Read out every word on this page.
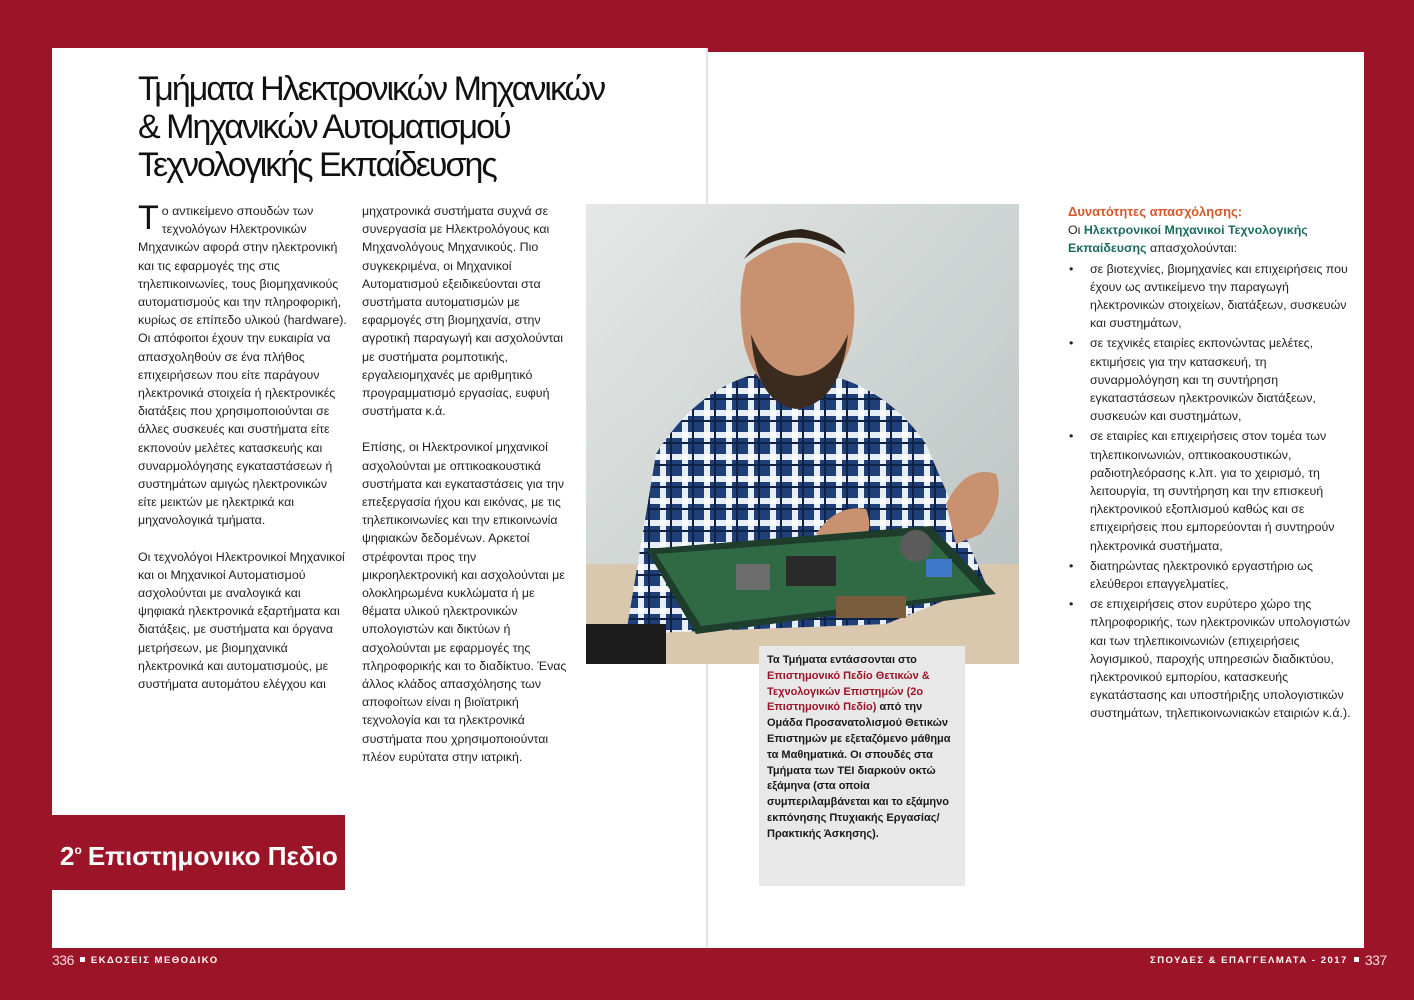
Τμήματα Ηλεκτρονικών Μηχανικών
& Μηχανικών Αυτοματισμού
Τεχνολογικής Εκπαίδευσης

Το αντικείμενο σπουδών των τεχνολόγων Ηλεκτρονικών Μηχανικών αφορά στην ηλεκτρονική και τις εφαρμογές της στις τηλεπικοινωνίες, τους βιομηχανικούς αυτοματισμούς και την πληροφορική, κυρίως σε επίπεδο υλικού (hardware). Οι απόφοιτοι έχουν την ευκαιρία να απασχοληθούν σε ένα πλήθος επιχειρήσεων που είτε παράγουν ηλεκτρονικά στοιχεία ή ηλεκτρονικές διατάξεις που χρησιμοποιούνται σε άλλες συσκευές και συστήματα είτε εκπονούν μελέτες κατασκευής και συναρμολόγησης εγκαταστάσεων ή συστημάτων αμιγώς ηλεκτρονικών είτε μεικτών με ηλεκτρικά και μηχανολογικά τμήματα.

Οι τεχνολόγοι Ηλεκτρονικοί Μηχανικοί και οι Μηχανικοί Αυτοματισμού ασχολούνται με αναλογικά και ψηφιακά ηλεκτρονικά εξαρτήματα και διατάξεις, με συστήματα και όργανα μετρήσεων, με βιομηχανικά ηλεκτρονικά και αυτοματισμούς, με συστήματα αυτομάτου ελέγχου και

μηχατρονικά συστήματα συχνά σε συνεργασία με Ηλεκτρολόγους και Μηχανολόγους Μηχανικούς. Πιο συγκεκριμένα, οι Μηχανικοί Αυτοματισμού εξειδικεύονται στα συστήματα αυτοματισμών με εφαρμογές στη βιομηχανία, στην αγροτική παραγωγή και ασχολούνται με συστήματα ρομποτικής, εργαλειομηχανές με αριθμητικό προγραμματισμό εργασίας, ευφυή συστήματα κ.ά.

Επίσης, οι Ηλεκτρονικοί μηχανικοί ασχολούνται με οπτικοακουστικά συστήματα και εγκαταστάσεις για την επεξεργασία ήχου και εικόνας, με τις τηλεπικοινωνίες και την επικοινωνία ψηφιακών δεδομένων. Αρκετοί στρέφονται προς την μικροηλεκτρονική και ασχολούνται με ολοκληρωμένα κυκλώματα ή με θέματα υλικού ηλεκτρονικών υπολογιστών και δικτύων ή ασχολούνται με εφαρμογές της πληροφορικής και το διαδίκτυο. Ένας άλλος κλάδος απασχόλησης των αποφοίτων είναι η βιοϊατρική τεχνολογία και τα ηλεκτρονικά συστήματα που χρησιμοποιούνται πλέον ευρύτατα στην ιατρική.

Τα Τμήματα εντάσσονται στο Επιστημονικό Πεδίο Θετικών & Τεχνολογικών Επιστημών (2ο Επιστημονικό Πεδίο) από την Ομάδα Προσανατολισμού Θετικών Επιστημών με εξεταζόμενο μάθημα τα Μαθηματικά. Οι σπουδές στα Τμήματα των ΤΕΙ διαρκούν οκτώ εξάμηνα (στα οποία συμπεριλαμβάνεται και το εξάμηνο εκπόνησης Πτυχιακής Εργασίας/Πρακτικής Άσκησης).
$2^o$ Επιστημονικο Πεδιο
Δυνατότητες απασχόλησης:
Οι Ηλεκτρονικοί Μηχανικοί Τεχνολογικής Εκπαίδευσης απασχολούνται:
• σε βιοτεχνίες, βιομηχανίες και επιχειρήσεις που έχουν ως αντικείμενο την παραγωγή ηλεκτρονικών στοιχείων, διατάξεων, συσκευών και συστημάτων,
• σε τεχνικές εταιρίες εκπονώντας μελέτες, εκτιμήσεις για την κατασκευή, τη συναρμολόγηση και τη συντήρηση εγκαταστάσεων ηλεκτρονικών διατάξεων, συσκευών και συστημάτων,
• σε εταιρίες και επιχειρήσεις στον τομέα των τηλεπικοινωνιών, οπτικοακουστικών, ραδιοτηλεόρασης κ.λπ. για το χειρισμό, τη λειτουργία, τη συντήρηση και την επισκευή ηλεκτρονικού εξοπλισμού καθώς και σε επιχειρήσεις που εμπορεύονται ή συντηρούν ηλεκτρονικά συστήματα,
• διατηρώντας ηλεκτρονικό εργαστήριο ως ελεύθεροι επαγγελματίες,
• σε επιχειρήσεις στον ευρύτερο χώρο της πληροφορικής, των ηλεκτρονικών υπολογιστών και των τηλεπικοινωνιών (επιχειρήσεις λογισμικού, παροχής υπηρεσιών διαδικτύου, ηλεκτρονικού εμπορίου, κατασκευής εγκατάστασης και υποστήριξης υπολογιστικών συστημάτων, τηλεπικοινωνιακών εταιριών κ.ά.).
336 ΕΚΔΟΣΕΙΣ ΜΕΘΟΔΙΚΟ	ΣΠΟΥΔΕΣ & ΕΠΑΓΓΕΛΜΑΤΑ - 2017 337
